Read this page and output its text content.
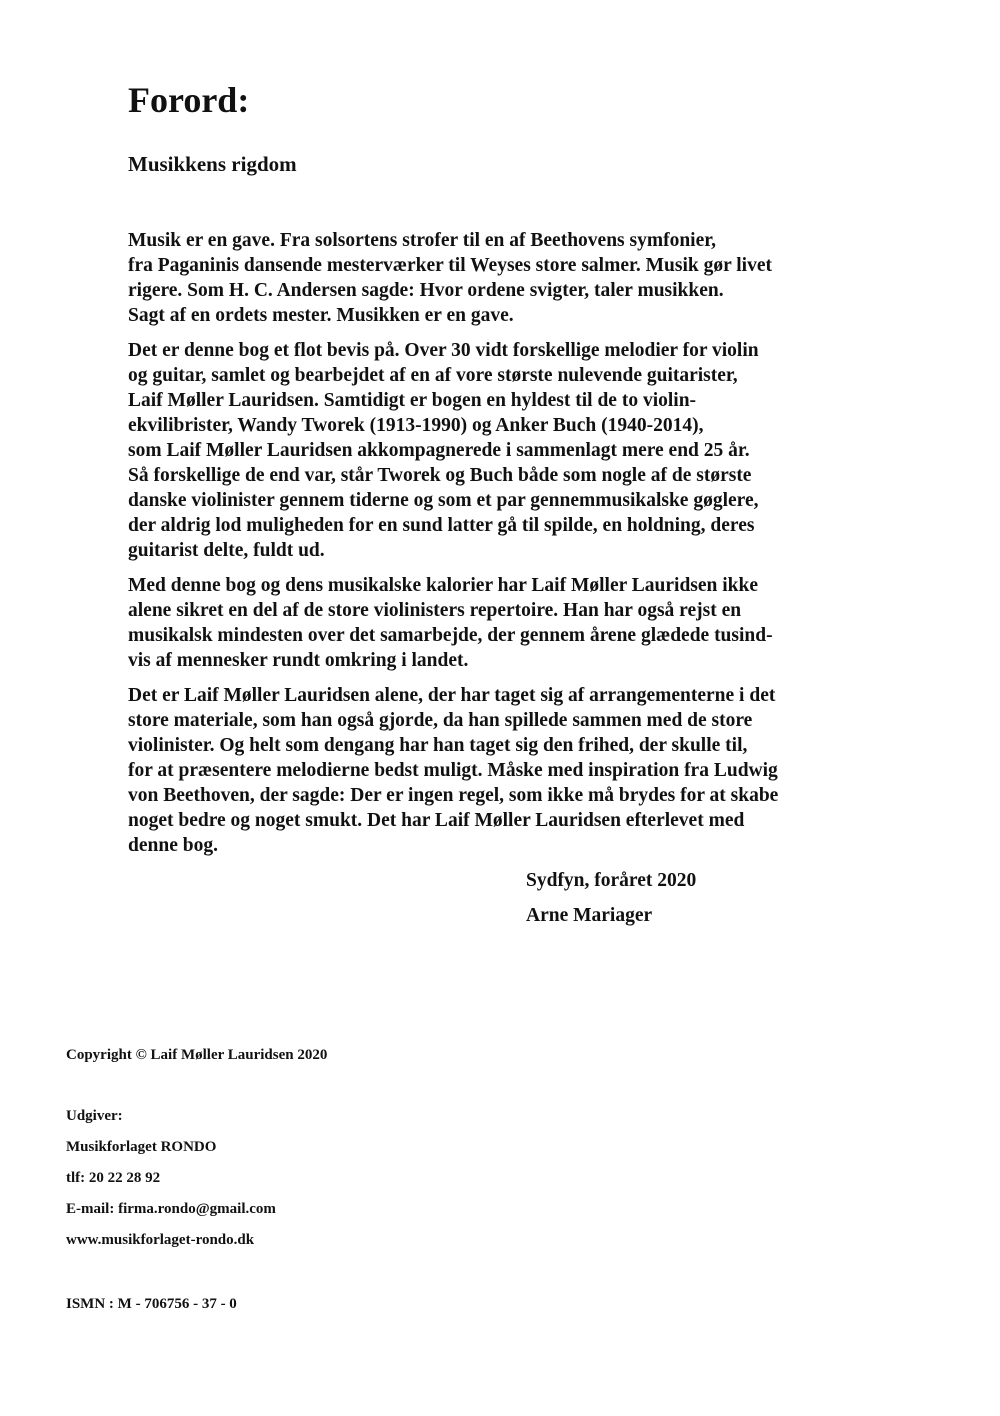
Forord:
Musikkens rigdom

Musik er en gave. Fra solsortens strofer til en af Beethovens symfonier,
fra Paganinis dansende mesterværker til Weyses store salmer. Musik gør livet
rigere. Som H. C. Andersen sagde: Hvor ordene svigter, taler musikken.
Sagt af en ordets mester. Musikken er en gave.

Det er denne bog et flot bevis på. Over 30 vidt forskellige melodier for violin
og guitar, samlet og bearbejdet af en af vore største nulevende guitarister,
Laif Møller Lauridsen. Samtidigt er bogen en hyldest til de to violin-
ekvilibrister, Wandy Tworek (1913-1990) og Anker Buch (1940-2014),
som Laif Møller Lauridsen akkompagnerede i sammenlagt mere end 25 år.
Så forskellige de end var, står Tworek og Buch både som nogle af de største
danske violinister gennem tiderne og som et par gennemmusikalske gøglere,
der aldrig lod muligheden for en sund latter gå til spilde, en holdning, deres
guitarist delte, fuldt ud.

Med denne bog og dens musikalske kalorier har Laif Møller Lauridsen ikke
alene sikret en del af de store violinisters repertoire. Han har også rejst en
musikalsk mindesten over det samarbejde, der gennem årene glædede tusind-
vis af mennesker rundt omkring i landet.

Det er Laif Møller Lauridsen alene, der har taget sig af arrangementerne i det
store materiale, som han også gjorde, da han spillede sammen med de store
violinister. Og helt som dengang har han taget sig den frihed, der skulle til,
for at præsentere melodierne bedst muligt. Måske med inspiration fra Ludwig
von Beethoven, der sagde: Der er ingen regel, som ikke må brydes for at skabe
noget bedre og noget smukt. Det har Laif Møller Lauridsen efterlevet med
denne bog.

Sydfyn, foråret 2020
Arne Mariager
Copyright © Laif Møller Lauridsen 2020
Udgiver:
Musikforlaget RONDO
tlf: 20 22 28 92
E-mail: firma.rondo@gmail.com
www.musikforlaget-rondo.dk
ISMN : M - 706756 - 37 - 0
